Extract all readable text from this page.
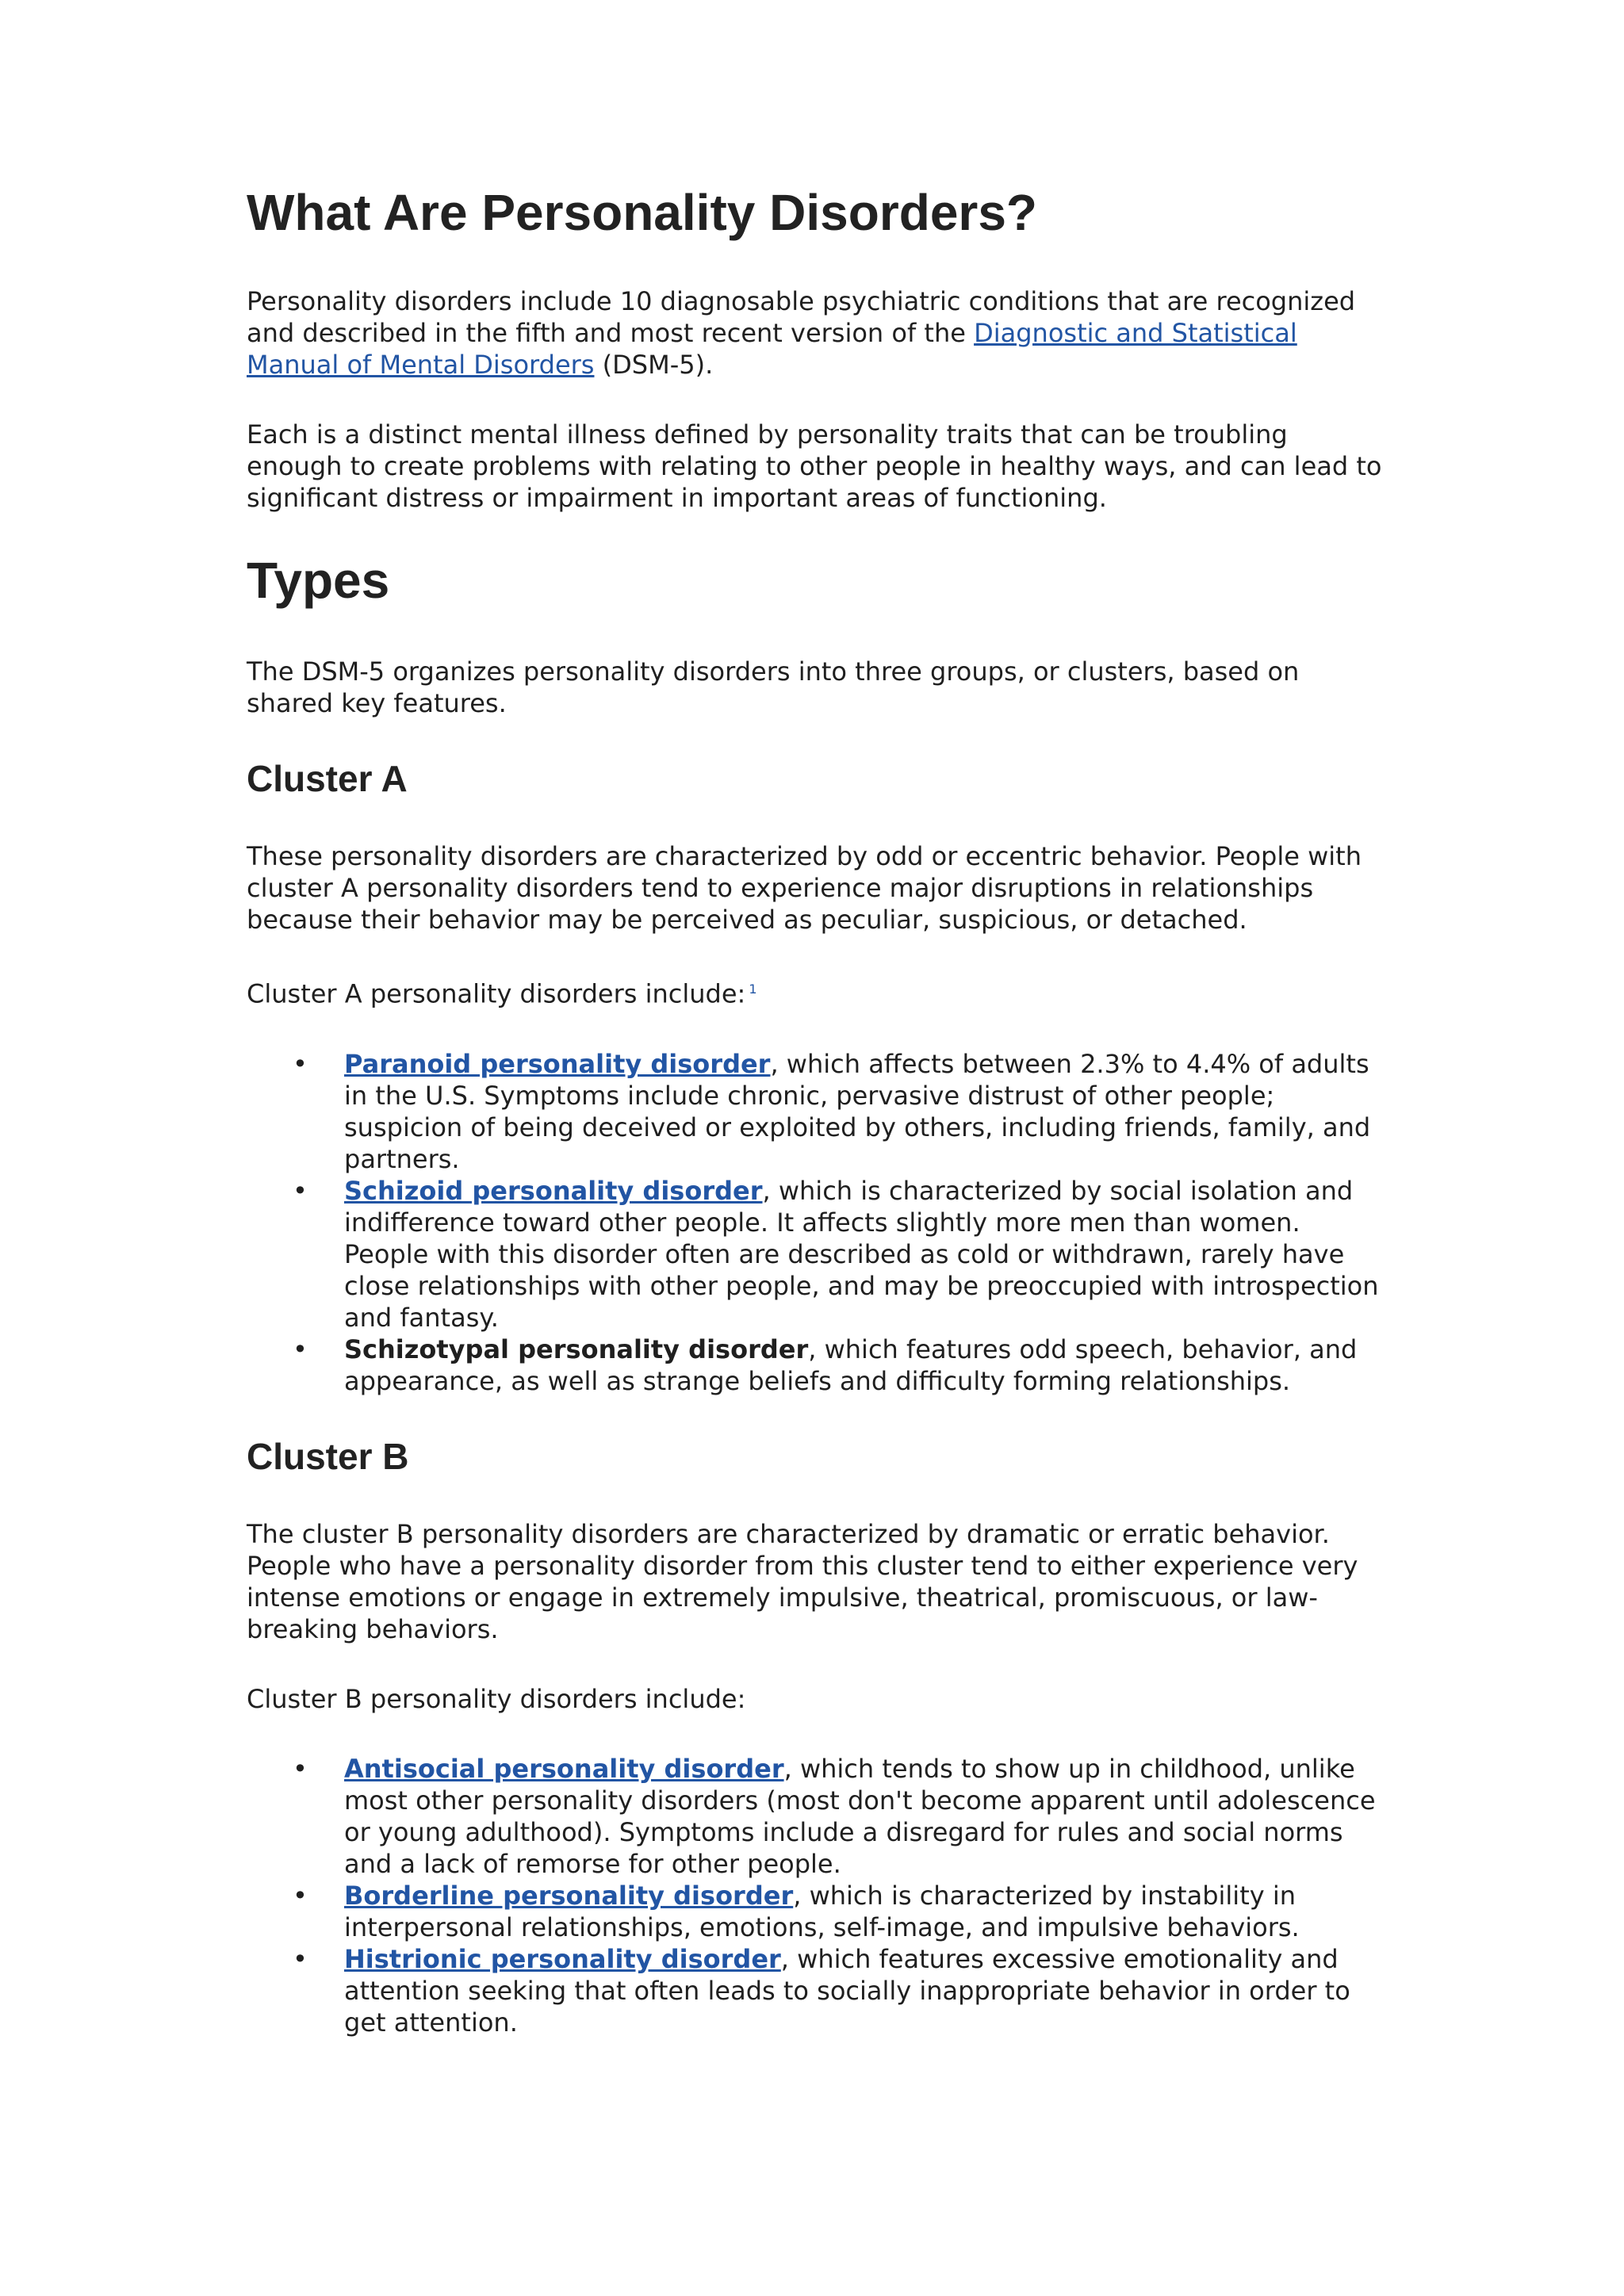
What Are Personality Disorders?

Personality disorders include 10 diagnosable psychiatric conditions that are recognized and described in the fifth and most recent version of the Diagnostic and Statistical Manual of Mental Disorders (DSM-5).

Each is a distinct mental illness defined by personality traits that can be troubling enough to create problems with relating to other people in healthy ways, and can lead to significant distress or impairment in important areas of functioning.

Types

The DSM-5 organizes personality disorders into three groups, or clusters, based on shared key features.

Cluster A

These personality disorders are characterized by odd or eccentric behavior. People with cluster A personality disorders tend to experience major disruptions in relationships because their behavior may be perceived as peculiar, suspicious, or detached.

Cluster A personality disorders include: $^1$

• Paranoid personality disorder, which affects between 2.3% to 4.4% of adults in the U.S. Symptoms include chronic, pervasive distrust of other people; suspicion of being deceived or exploited by others, including friends, family, and partners.
• Schizoid personality disorder, which is characterized by social isolation and indifference toward other people. It affects slightly more men than women. People with this disorder often are described as cold or withdrawn, rarely have close relationships with other people, and may be preoccupied with introspection and fantasy.
• Schizotypal personality disorder, which features odd speech, behavior, and appearance, as well as strange beliefs and difficulty forming relationships.
Cluster B

The cluster B personality disorders are characterized by dramatic or erratic behavior. People who have a personality disorder from this cluster tend to either experience very intense emotions or engage in extremely impulsive, theatrical, promiscuous, or law-breaking behaviors.

Cluster B personality disorders include:

• Antisocial personality disorder, which tends to show up in childhood, unlike most other personality disorders (most don't become apparent until adolescence or young adulthood). Symptoms include a disregard for rules and social norms and a lack of remorse for other people.
• Borderline personality disorder, which is characterized by instability in interpersonal relationships, emotions, self-image, and impulsive behaviors.
• Histrionic personality disorder, which features excessive emotionality and attention seeking that often leads to socially inappropriate behavior in order to get attention.
